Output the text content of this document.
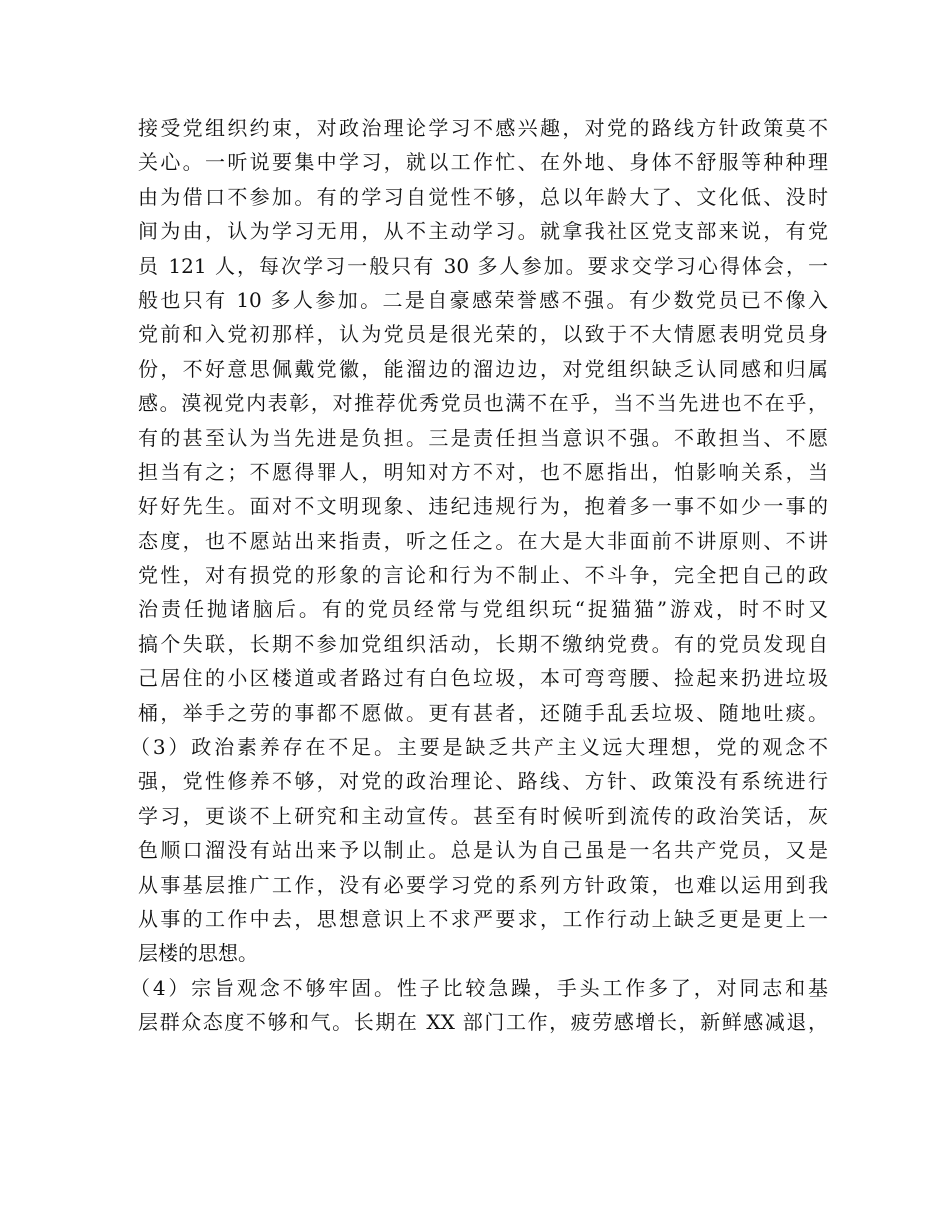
接受党组织约束，对政治理论学习不感兴趣，对党的路线方针政策莫不
关心。一听说要集中学习，就以工作忙、在外地、身体不舒服等种种理
由为借口不参加。有的学习自觉性不够，总以年龄大了、文化低、没时
间为由，认为学习无用，从不主动学习。就拿我社区党支部来说，有党
员 121 人，每次学习一般只有 30 多人参加。要求交学习心得体会，一
般也只有 10 多人参加。二是自豪感荣誉感不强。有少数党员已不像入
党前和入党初那样，认为党员是很光荣的，以致于不大情愿表明党员身
份，不好意思佩戴党徽，能溜边的溜边边，对党组织缺乏认同感和归属
感。漠视党内表彰，对推荐优秀党员也满不在乎，当不当先进也不在乎，
有的甚至认为当先进是负担。三是责任担当意识不强。不敢担当、不愿
担当有之；不愿得罪人，明知对方不对，也不愿指出，怕影响关系，当
好好先生。面对不文明现象、违纪违规行为，抱着多一事不如少一事的
态度，也不愿站出来指责，听之任之。在大是大非面前不讲原则、不讲
党性，对有损党的形象的言论和行为不制止、不斗争，完全把自己的政
治责任抛诸脑后。有的党员经常与党组织玩“捉猫猫”游戏，时不时又
搞个失联，长期不参加党组织活动，长期不缴纳党费。有的党员发现自
己居住的小区楼道或者路过有白色垃圾，本可弯弯腰、捡起来扔进垃圾
桶，举手之劳的事都不愿做。更有甚者，还随手乱丢垃圾、随地吐痰。
（3）政治素养存在不足。主要是缺乏共产主义远大理想，党的观念不
强，党性修养不够，对党的政治理论、路线、方针、政策没有系统进行
学习，更谈不上研究和主动宣传。甚至有时候听到流传的政治笑话，灰
色顺口溜没有站出来予以制止。总是认为自己虽是一名共产党员，又是
从事基层推广工作，没有必要学习党的系列方针政策，也难以运用到我
从事的工作中去，思想意识上不求严要求，工作行动上缺乏更是更上一
层楼的思想。
（4）宗旨观念不够牢固。性子比较急躁，手头工作多了，对同志和基
层群众态度不够和气。长期在 XX 部门工作，疲劳感增长，新鲜感减退，
